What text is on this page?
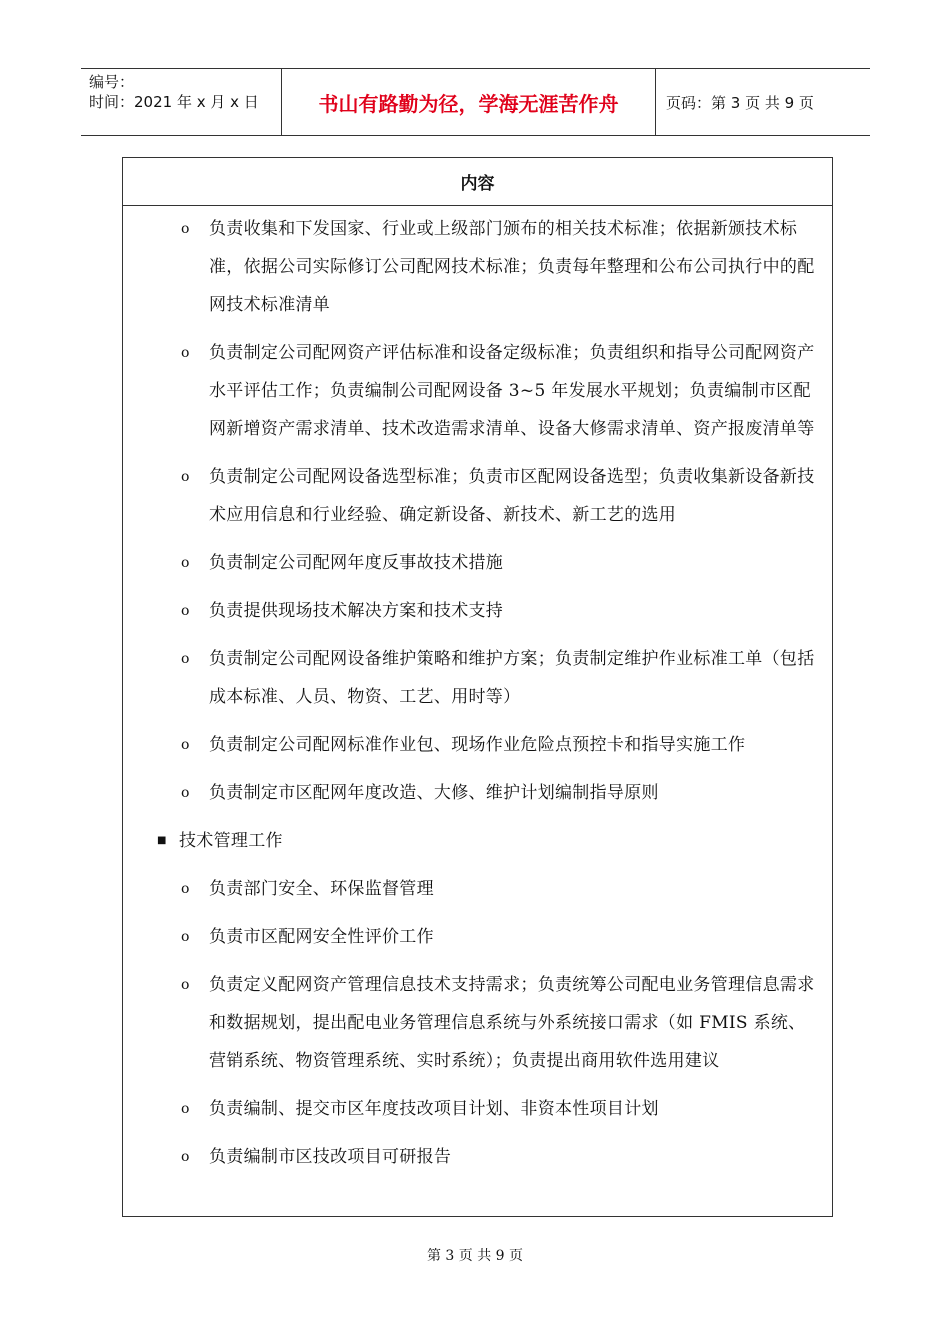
编号：
时间：2021 年 x 月 x 日	书山有路勤为径，学海无涯苦作舟	页码：第 3 页 共 9 页
内容
o	负责收集和下发国家、行业或上级部门颁布的相关技术标准；依据新颁技术标准，依据公司实际修订公司配网技术标准；负责每年整理和公布公司执行中的配网技术标准清单
o	负责制定公司配网资产评估标准和设备定级标准；负责组织和指导公司配网资产水平评估工作；负责编制公司配网设备 3~5 年发展水平规划；负责编制市区配网新增资产需求清单、技术改造需求清单、设备大修需求清单、资产报废清单等
o	负责制定公司配网设备选型标准；负责市区配网设备选型；负责收集新设备新技术应用信息和行业经验、确定新设备、新技术、新工艺的选用
o	负责制定公司配网年度反事故技术措施
o	负责提供现场技术解决方案和技术支持
o	负责制定公司配网设备维护策略和维护方案；负责制定维护作业标准工单（包括成本标准、人员、物资、工艺、用时等）
o	负责制定公司配网标准作业包、现场作业危险点预控卡和指导实施工作
o	负责制定市区配网年度改造、大修、维护计划编制指导原则
■ 技术管理工作
o	负责部门安全、环保监督管理
o	负责市区配网安全性评价工作
o	负责定义配网资产管理信息技术支持需求；负责统筹公司配电业务管理信息需求和数据规划，提出配电业务管理信息系统与外系统接口需求（如 FMIS 系统、营销系统、物资管理系统、实时系统）；负责提出商用软件选用建议
o	负责编制、提交市区年度技改项目计划、非资本性项目计划
o	负责编制市区技改项目可研报告
第 3 页 共 9 页
